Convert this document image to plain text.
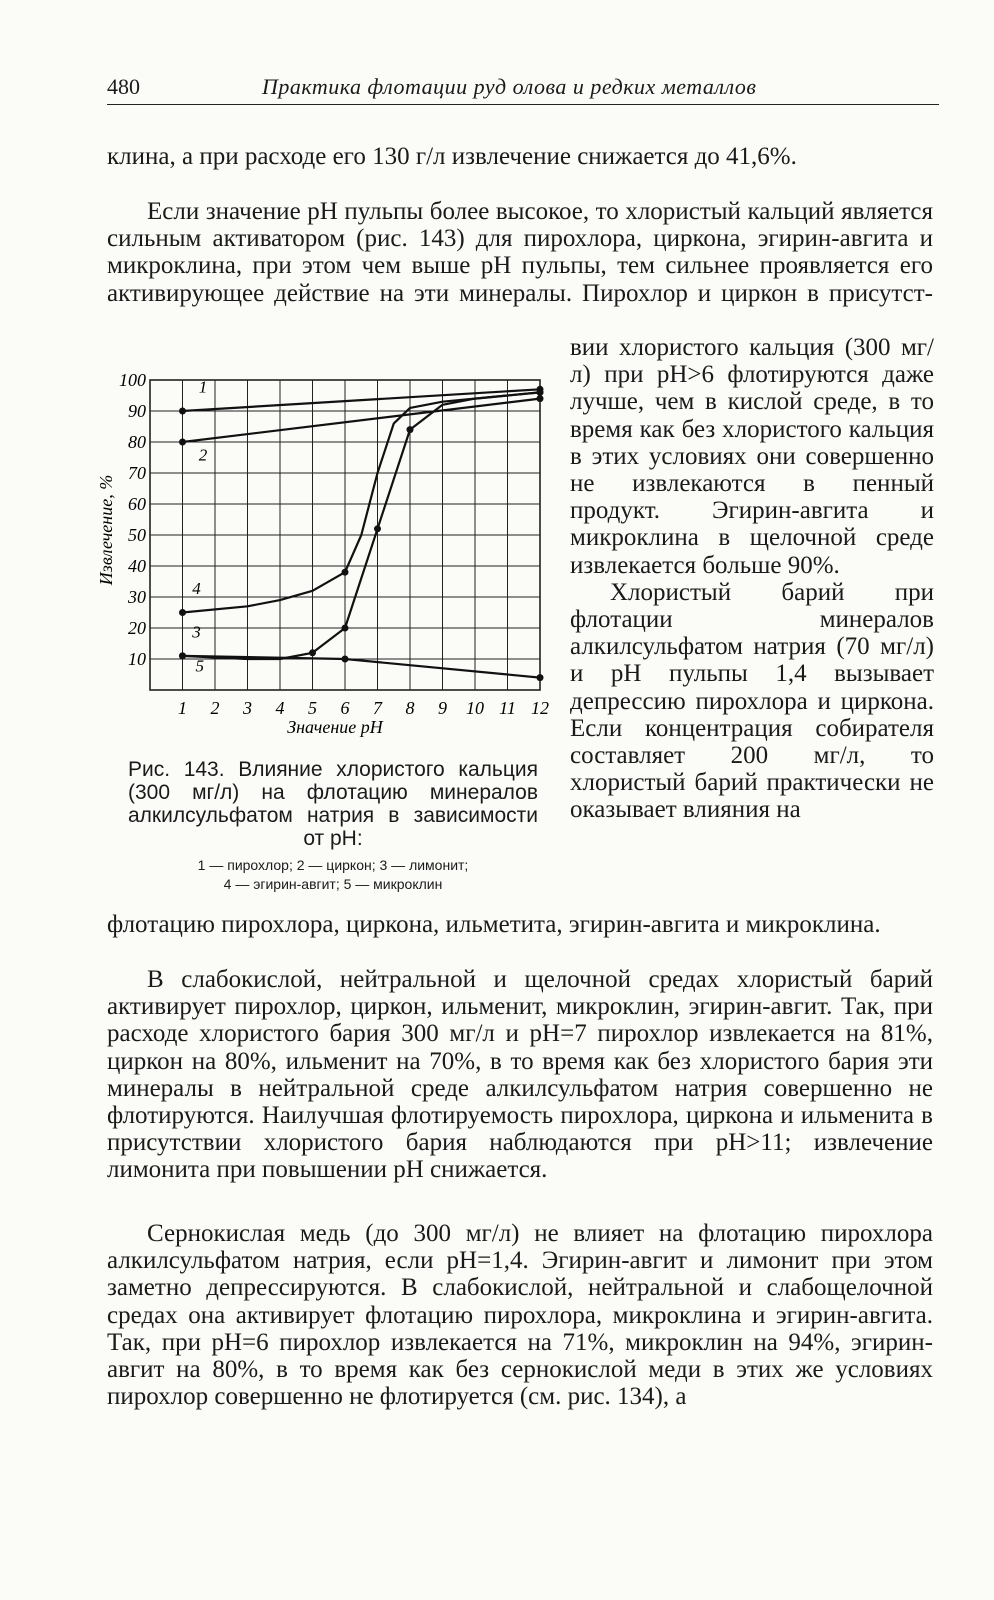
480	Практика флотации руд олова и редких металлов

клина, а при расходе его 130 г/л извлечение снижается до 41,6%.

Если значение pH пульпы более высокое, то хлористый кальций является сильным активатором (рис. 143) для пирохлора, циркона, эгирин-авгита и микроклина, при этом чем выше pH пульпы, тем сильнее проявляется его активирующее действие на эти минералы. Пирохлор и циркон в присутст-

вии хлористого кальция (300 мг/л) при pH>6 флотируются даже лучше, чем в кислой среде, в то время как без хлористого кальция в этих условиях они совершенно не извлекаются в пенный продукт. Эгирин-авгита и микроклина в щелочной среде извлекается больше 90%.

Хлористый барий при флотации минералов алкилсульфатом натрия (70 мг/л) и pH пульпы 1,4 вызывает депрессию пирохлора и циркона. Если концентрация собирателя составляет 200 мг/л, то хлористый барий практически не оказывает влияния на

1
2
3
4
5
1 2 3 4 5 6 7 8 9 10 11 12
10
20
30
40
50
60
70
80
90
100
Значение pH
Извлечение, %
Рис. 143. Влияние хлористого кальция (300 мг/л) на флотацию минералов алкилсульфатом натрия в зависимости от pH:
1 — пирохлор; 2 — циркон; 3 — лимонит;
4 — эгирин-авгит; 5 — микроклин

флотацию пирохлора, циркона, ильметита, эгирин-авгита и микроклина.

В слабокислой, нейтральной и щелочной средах хлористый барий активирует пирохлор, циркон, ильменит, микроклин, эгирин-авгит. Так, при расходе хлористого бария 300 мг/л и pH=7 пирохлор извлекается на 81%, циркон на 80%, ильменит на 70%, в то время как без хлористого бария эти минералы в нейтральной среде алкилсульфатом натрия совершенно не флотируются. Наилучшая флотируемость пирохлора, циркона и ильменита в присутствии хлористого бария наблюдаются при pH>11; извлечение лимонита при повышении pH снижается.

Сернокислая медь (до 300 мг/л) не влияет на флотацию пирохлора алкилсульфатом натрия, если pH=1,4. Эгирин-авгит и лимонит при этом заметно депрессируются. В слабокислой, нейтральной и слабощелочной средах она активирует флотацию пирохлора, микроклина и эгирин-авгита. Так, при pH=6 пирохлор извлекается на 71%, микроклин на 94%, эгирин-авгит на 80%, в то время как без сернокислой меди в этих же условиях пирохлор совершенно не флотируется (см. рис. 134), а
